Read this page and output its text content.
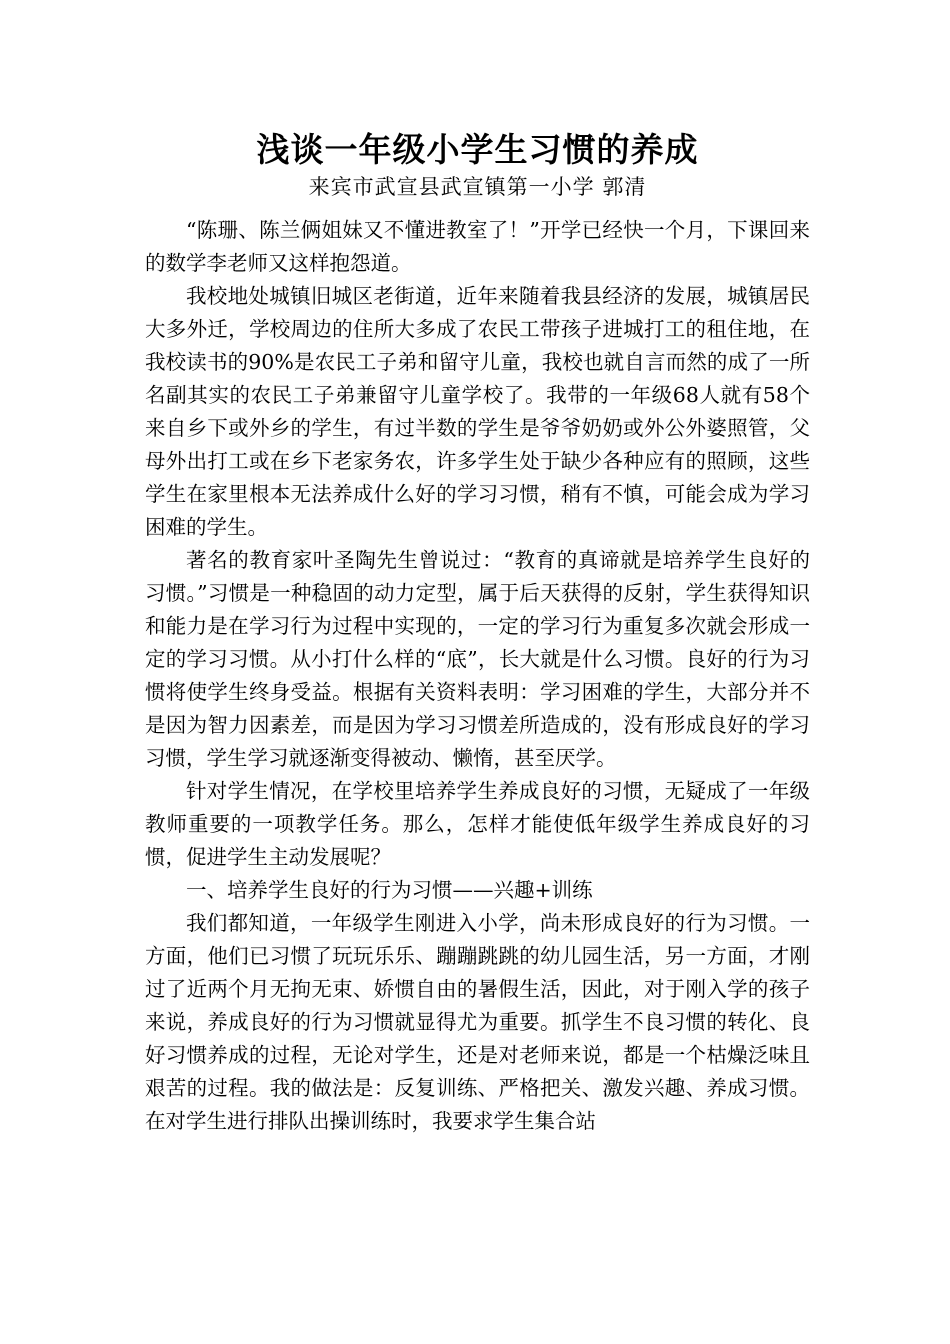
浅谈一年级小学生习惯的养成
来宾市武宣县武宣镇第一小学 郭清

“陈珊、陈兰俩姐妹又不懂进教室了！”开学已经快一个月，下课回来的数学李老师又这样抱怨道。

我校地处城镇旧城区老街道，近年来随着我县经济的发展，城镇居民大多外迁，学校周边的住所大多成了农民工带孩子进城打工的租住地，在我校读书的90%是农民工子弟和留守儿童，我校也就自言而然的成了一所名副其实的农民工子弟兼留守儿童学校了。我带的一年级68人就有58个来自乡下或外乡的学生，有过半数的学生是爷爷奶奶或外公外婆照管，父母外出打工或在乡下老家务农，许多学生处于缺少各种应有的照顾，这些学生在家里根本无法养成什么好的学习习惯，稍有不慎，可能会成为学习困难的学生。

著名的教育家叶圣陶先生曾说过：“教育的真谛就是培养学生良好的习惯。”习惯是一种稳固的动力定型，属于后天获得的反射，学生获得知识和能力是在学习行为过程中实现的，一定的学习行为重复多次就会形成一定的学习习惯。从小打什么样的“底”，长大就是什么习惯。良好的行为习惯将使学生终身受益。根据有关资料表明：学习困难的学生，大部分并不是因为智力因素差，而是因为学习习惯差所造成的，没有形成良好的学习习惯，学生学习就逐渐变得被动、懒惰，甚至厌学。

针对学生情况，在学校里培养学生养成良好的习惯，无疑成了一年级教师重要的一项教学任务。那么，怎样才能使低年级学生养成良好的习惯，促进学生主动发展呢？

一、培养学生良好的行为习惯——兴趣+训练

我们都知道，一年级学生刚进入小学，尚未形成良好的行为习惯。一方面，他们已习惯了玩玩乐乐、蹦蹦跳跳的幼儿园生活，另一方面，才刚过了近两个月无拘无束、娇惯自由的暑假生活，因此，对于刚入学的孩子来说，养成良好的行为习惯就显得尤为重要。抓学生不良习惯的转化、良好习惯养成的过程，无论对学生，还是对老师来说，都是一个枯燥泛味且艰苦的过程。我的做法是：反复训练、严格把关、激发兴趣、养成习惯。在对学生进行排队出操训练时，我要求学生集合站
